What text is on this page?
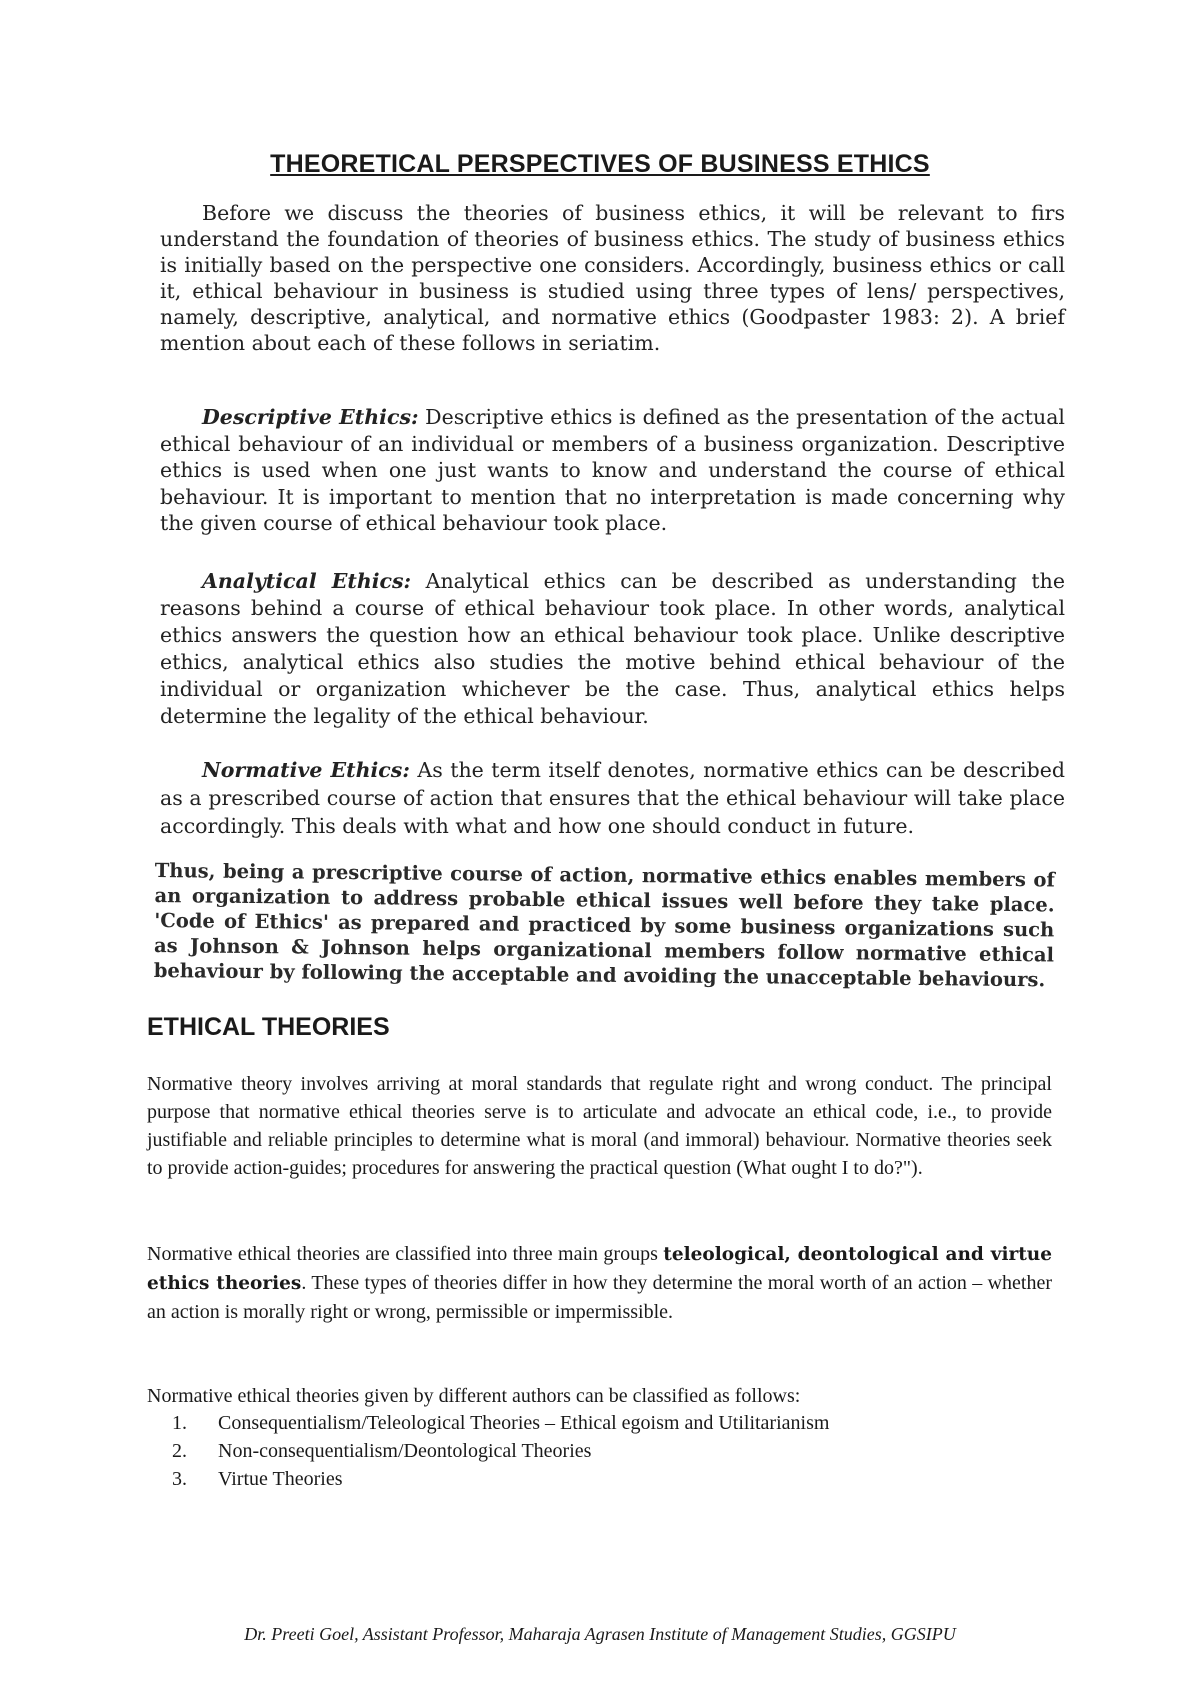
THEORETICAL PERSPECTIVES OF BUSINESS ETHICS

Before we discuss the theories of business ethics, it will be relevant to firs understand the foundation of theories of business ethics. The study of business ethics is initially based on the perspective one considers. Accordingly, business ethics or call it, ethical behaviour in business is studied using three types of lens/ perspectives, namely, descriptive, analytical, and normative ethics (Goodpaster 1983: 2). A brief mention about each of these follows in seriatim.

Descriptive Ethics: Descriptive ethics is defined as the presentation of the actual ethical behaviour of an individual or members of a business organization. Descriptive ethics is used when one just wants to know and understand the course of ethical behaviour. It is important to mention that no interpretation is made concerning why the given course of ethical behaviour took place.

Analytical Ethics: Analytical ethics can be described as understanding the reasons behind a course of ethical behaviour took place. In other words, analytical ethics answers the question how an ethical behaviour took place. Unlike descriptive ethics, analytical ethics also studies the motive behind ethical behaviour of the individual or organization whichever be the case. Thus, analytical ethics helps determine the legality of the ethical behaviour.

Normative Ethics: As the term itself denotes, normative ethics can be described as a prescribed course of action that ensures that the ethical behaviour will take place accordingly. This deals with what and how one should conduct in future.

Thus, being a prescriptive course of action, normative ethics enables members of an organization to address probable ethical issues well before they take place. 'Code of Ethics' as prepared and practiced by some business organizations such as Johnson & Johnson helps organizational members follow normative ethical behaviour by following the acceptable and avoiding the unacceptable behaviours.

ETHICAL THEORIES

Normative theory involves arriving at moral standards that regulate right and wrong conduct. The principal purpose that normative ethical theories serve is to articulate and advocate an ethical code, i.e., to provide justifiable and reliable principles to determine what is moral (and immoral) behaviour. Normative theories seek to provide action-guides; procedures for answering the practical question (What ought I to do?").

Normative ethical theories are classified into three main groups teleological, deontological and virtue ethics theories. These types of theories differ in how they determine the moral worth of an action – whether an action is morally right or wrong, permissible or impermissible.

Normative ethical theories given by different authors can be classified as follows:

1.	Consequentialism/Teleological Theories – Ethical egoism and Utilitarianism
2.	Non-consequentialism/Deontological Theories
3.	Virtue Theories
Dr. Preeti Goel, Assistant Professor, Maharaja Agrasen Institute of Management Studies, GGSIPU
